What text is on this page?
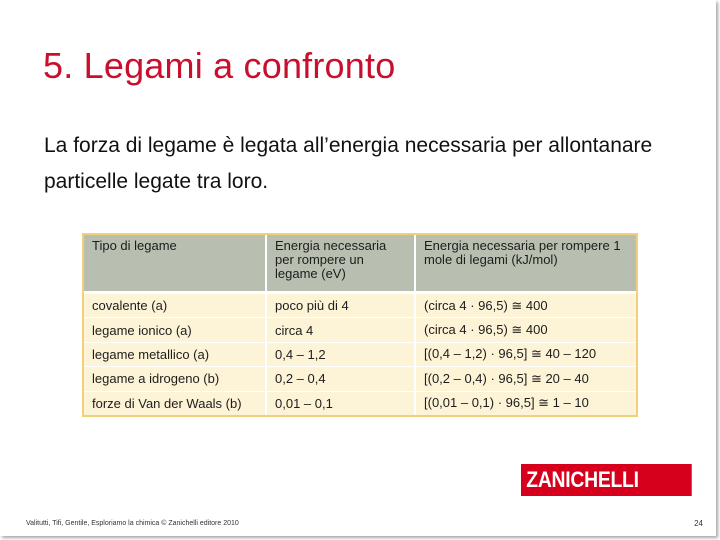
5. Legami a confronto
La forza di legame è legata all’energia necessaria per allontanare particelle legate tra loro.
Tipo di legame	Energia necessaria per rompere un legame (eV)	Energia necessaria per rompere 1 mole di legami (kJ/mol)
covalente (a)	poco più di 4	(circa 4 · 96,5) ≅ 400
legame ionico (a)	circa 4	(circa 4 · 96,5) ≅ 400
legame metallico (a)	0,4 – 1,2	[(0,4 – 1,2) · 96,5] ≅ 40 – 120
legame a idrogeno (b)	0,2 – 0,4	[(0,2 – 0,4) · 96,5] ≅ 20 – 40
forze di Van der Waals (b)	0,01 – 0,1	[(0,01 – 0,1) · 96,5] ≅ 1 – 10
ZANICHELLI
Valitutti, Tifi, Gentile, Esploriamo la chimica © Zanichelli editore 2010	24
